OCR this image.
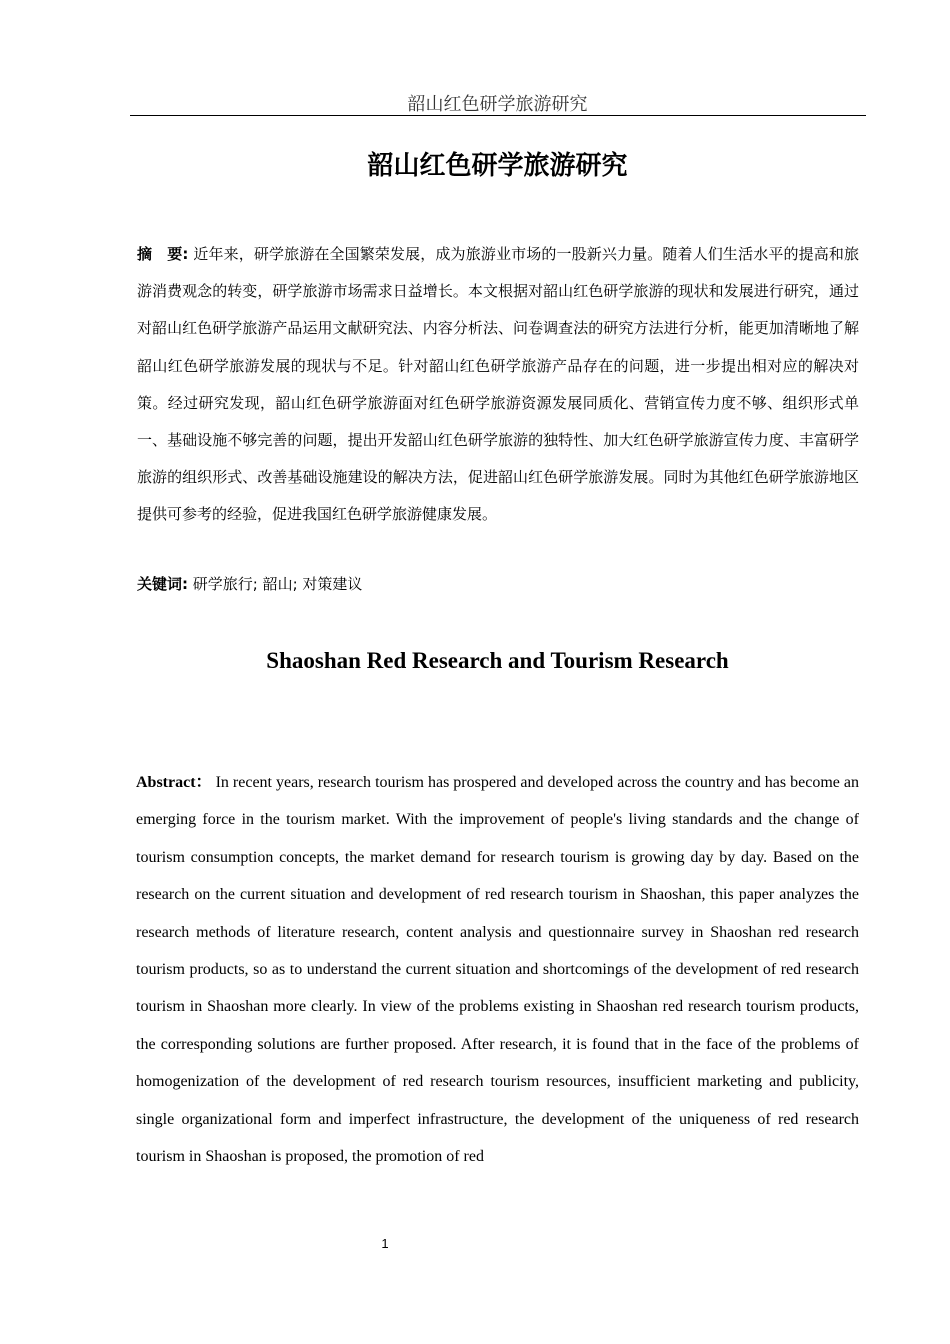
韶山红色研学旅游研究
韶山红色研学旅游研究
摘　要: 近年来，研学旅游在全国繁荣发展，成为旅游业市场的一股新兴力量。随着人们生活水平的提高和旅游消费观念的转变，研学旅游市场需求日益增长。本文根据对韶山红色研学旅游的现状和发展进行研究，通过对韶山红色研学旅游产品运用文献研究法、内容分析法、问卷调查法的研究方法进行分析，能更加清晰地了解韶山红色研学旅游发展的现状与不足。针对韶山红色研学旅游产品存在的问题，进一步提出相对应的解决对策。经过研究发现，韶山红色研学旅游面对红色研学旅游资源发展同质化、营销宣传力度不够、组织形式单一、基础设施不够完善的问题，提出开发韶山红色研学旅游的独特性、加大红色研学旅游宣传力度、丰富研学旅游的组织形式、改善基础设施建设的解决方法，促进韶山红色研学旅游发展。同时为其他红色研学旅游地区提供可参考的经验，促进我国红色研学旅游健康发展。
关键词: 研学旅行; 韶山; 对策建议
Shaoshan Red Research and Tourism Research
Abstract： In recent years, research tourism has prospered and developed across the country and has become an emerging force in the tourism market. With the improvement of people's living standards and the change of tourism consumption concepts, the market demand for research tourism is growing day by day. Based on the research on the current situation and development of red research tourism in Shaoshan, this paper analyzes the research methods of literature research, content analysis and questionnaire survey in Shaoshan red research tourism products, so as to understand the current situation and shortcomings of the development of red research tourism in Shaoshan more clearly. In view of the problems existing in Shaoshan red research tourism products, the corresponding solutions are further proposed. After research, it is found that in the face of the problems of homogenization of the development of red research tourism resources, insufficient marketing and publicity, single organizational form and imperfect infrastructure, the development of the uniqueness of red research tourism in Shaoshan is proposed, the promotion of red
1
